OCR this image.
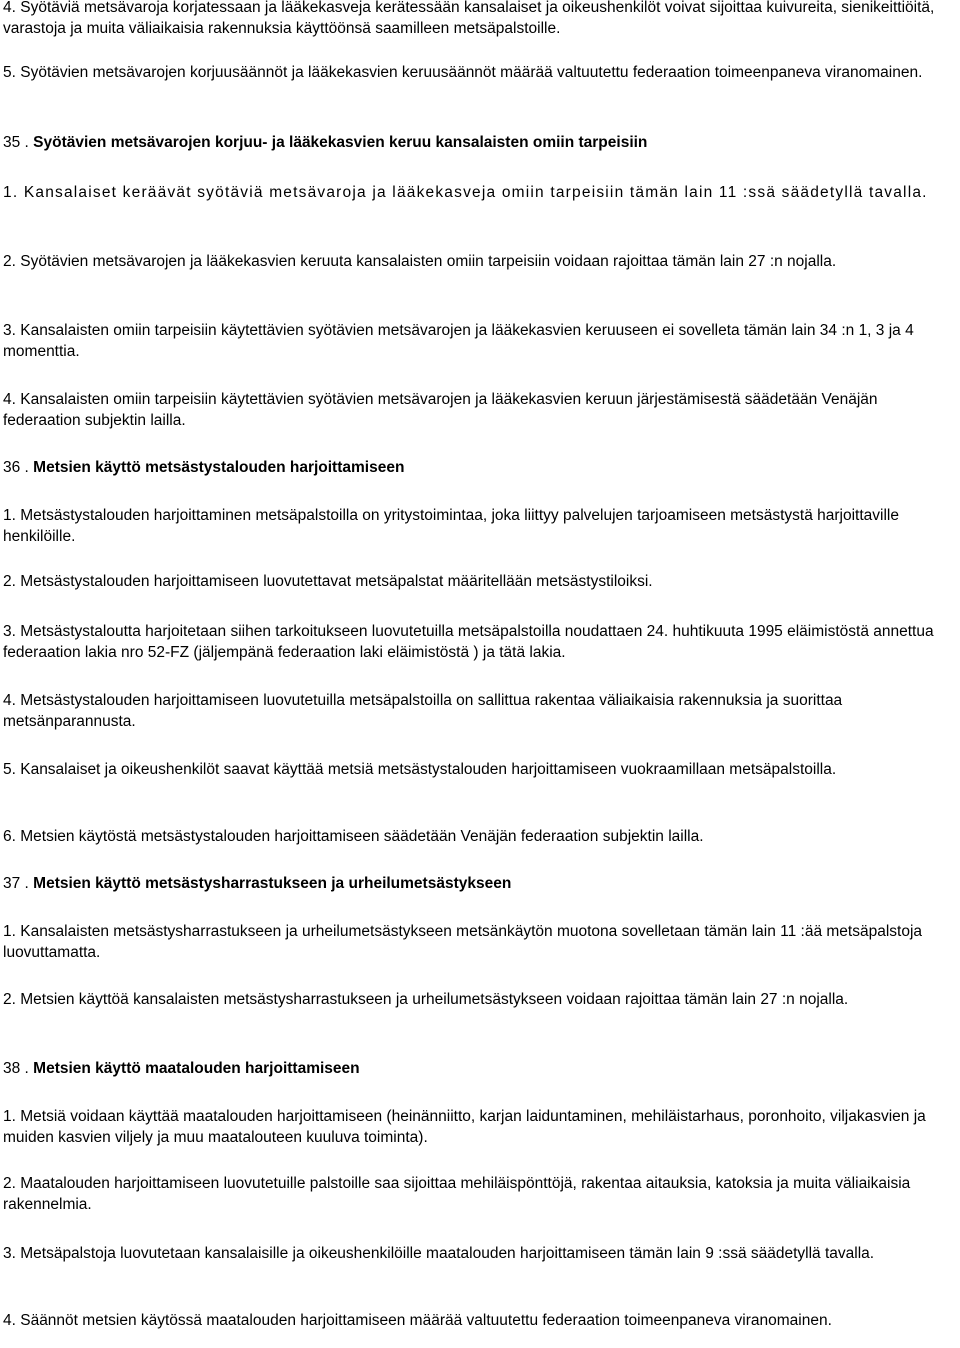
4. Syötäviä metsävaroja korjatessaan ja lääkekasveja kerätessään kansalaiset ja oikeushenkilöt voivat sijoittaa kuivureita, sienikeittiöitä, varastoja ja muita väliaikaisia rakennuksia käyttöönsä saamilleen metsäpalstoille.

5. Syötävien metsävarojen korjuusäännöt ja lääkekasvien keruusäännöt määrää valtuutettu federaation toimeenpaneva viranomainen.

35 . Syötävien metsävarojen korjuu- ja lääkekasvien keruu kansalaisten omiin tarpeisiin

1. Kansalaiset keräävät syötäviä metsävaroja ja lääkekasveja omiin tarpeisiin tämän lain 11 :ssä säädetyllä tavalla.

2. Syötävien metsävarojen ja lääkekasvien keruuta kansalaisten omiin tarpeisiin voidaan rajoittaa tämän lain 27 :n nojalla.

3. Kansalaisten omiin tarpeisiin käytettävien syötävien metsävarojen ja lääkekasvien keruuseen ei sovelleta tämän lain 34 :n 1, 3 ja 4 momenttia.

4. Kansalaisten omiin tarpeisiin käytettävien syötävien metsävarojen ja lääkekasvien keruun järjestämisestä säädetään Venäjän federaation subjektin lailla.

36 . Metsien käyttö metsästystalouden harjoittamiseen

1. Metsästystalouden harjoittaminen metsäpalstoilla on yritystoimintaa, joka liittyy palvelujen tarjoamiseen metsästystä harjoittaville henkilöille.

2. Metsästystalouden harjoittamiseen luovutettavat metsäpalstat määritellään metsästystiloiksi.

3. Metsästystaloutta harjoitetaan siihen tarkoitukseen luovutetuilla metsäpalstoilla noudattaen 24. huhtikuuta 1995 eläimistöstä annettua federaation lakia nro 52-FZ (jäljempänä federaation laki eläimistöstä ) ja tätä lakia.

4. Metsästystalouden harjoittamiseen luovutetuilla metsäpalstoilla on sallittua rakentaa väliaikaisia rakennuksia ja suorittaa metsänparannusta.

5. Kansalaiset ja oikeushenkilöt saavat käyttää metsiä metsästystalouden harjoittamiseen vuokraamillaan metsäpalstoilla.

6. Metsien käytöstä metsästystalouden harjoittamiseen säädetään Venäjän federaation subjektin lailla.

37 . Metsien käyttö metsästysharrastukseen ja urheilumetsästykseen

1. Kansalaisten metsästysharrastukseen ja urheilumetsästykseen metsänkäytön muotona sovelletaan tämän lain 11 :ää metsäpalstoja luovuttamatta.

2. Metsien käyttöä kansalaisten metsästysharrastukseen ja urheilumetsästykseen voidaan rajoittaa tämän lain 27 :n nojalla.

38 . Metsien käyttö maatalouden harjoittamiseen

1. Metsiä voidaan käyttää maatalouden harjoittamiseen (heinänniitto, karjan laiduntaminen, mehiläistarhaus, poronhoito, viljakasvien ja muiden kasvien viljely ja muu maatalouteen kuuluva toiminta).

2. Maatalouden harjoittamiseen luovutetuille palstoille saa sijoittaa mehiläispönttöjä, rakentaa aitauksia, katoksia ja muita väliaikaisia rakennelmia.

3. Metsäpalstoja luovutetaan kansalaisille ja oikeushenkilöille maatalouden harjoittamiseen tämän lain 9 :ssä säädetyllä tavalla.

4. Säännöt metsien käytössä maatalouden harjoittamiseen määrää valtuutettu federaation toimeenpaneva viranomainen.
